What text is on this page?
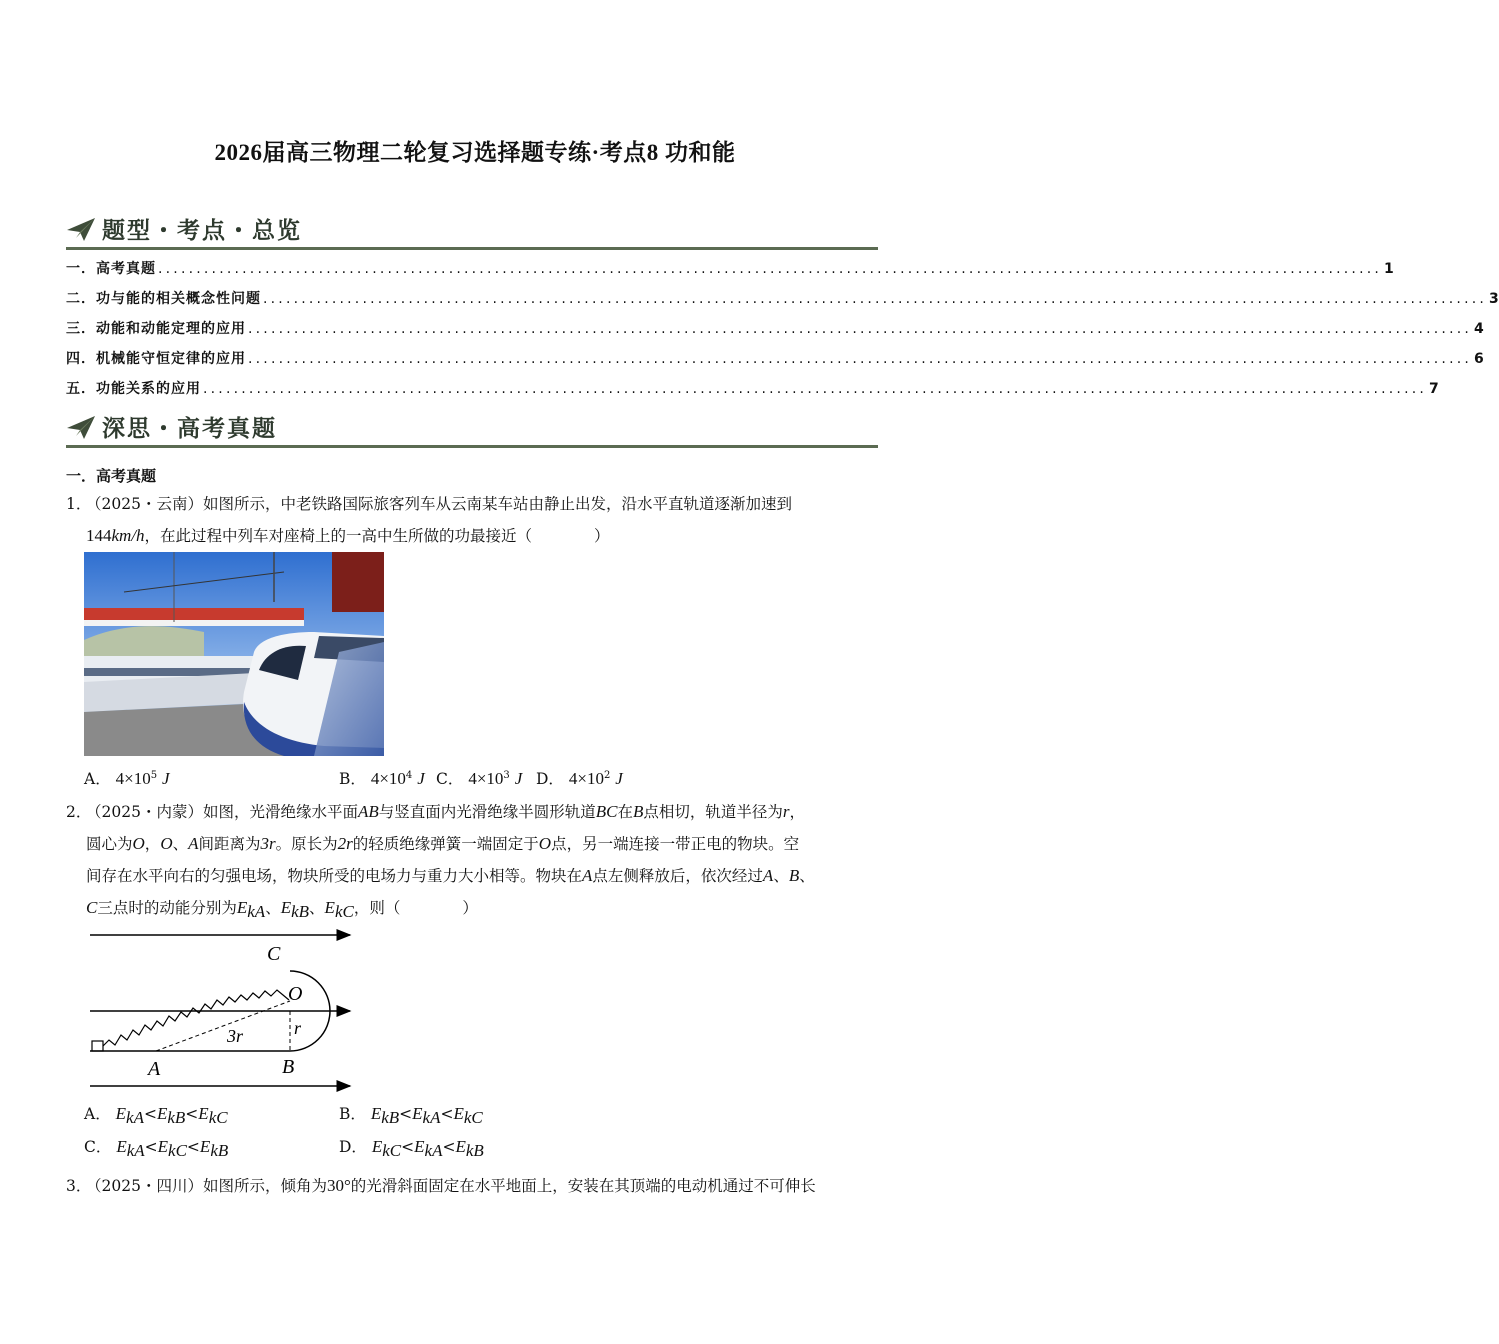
2026届高三物理二轮复习选择题专练·考点8 功和能
题型・考点・总览
一．高考真题 ................................................................................................................................................................ 1
二．功与能的相关概念性问题 ................................................................................................................................................................ 3
三．动能和动能定理的应用 ................................................................................................................................................................ 4
四．机械能守恒定律的应用 ................................................................................................................................................................ 6
五．功能关系的应用 ................................................................................................................................................................ 7
深思・高考真题
一．高考真题
1．（2025・云南）如图所示，中老铁路国际旅客列车从云南某车站由静止出发，沿水平直轨道逐渐加速到
144km/h，在此过程中列车对座椅上的一高中生所做的功最接近（　　　　）
A． $4\times 10^5$ J	B． $4\times 10^4$ J C． $4\times 10^3$ J D． $4\times 10^2$ J
2．（2025・内蒙）如图，光滑绝缘水平面AB与竖直面内光滑绝缘半圆形轨道BC在B点相切，轨道半径为r，
圆心为O，O、A间距离为3r。原长为2r的轻质绝缘弹簧一端固定于O点，另一端连接一带正电的物块。空
间存在水平向右的匀强电场，物块所受的电场力与重力大小相等。物块在A点左侧释放后，依次经过A、B、
C三点时的动能分别为$E_{kA}$、$E_{kB}$、$E_{kC}$，则（　　　　）
C
O
r
3r
A	B
A． $E_{kA}<E_{kB}<E_{kC}$	B． $E_{kB}<E_{kA}<E_{kC}$
C． $E_{kA}<E_{kC}<E_{kB}$	D． $E_{kC}<E_{kA}<E_{kB}$
3．（2025・四川）如图所示，倾角为30°的光滑斜面固定在水平地面上，安装在其顶端的电动机通过不可伸长
